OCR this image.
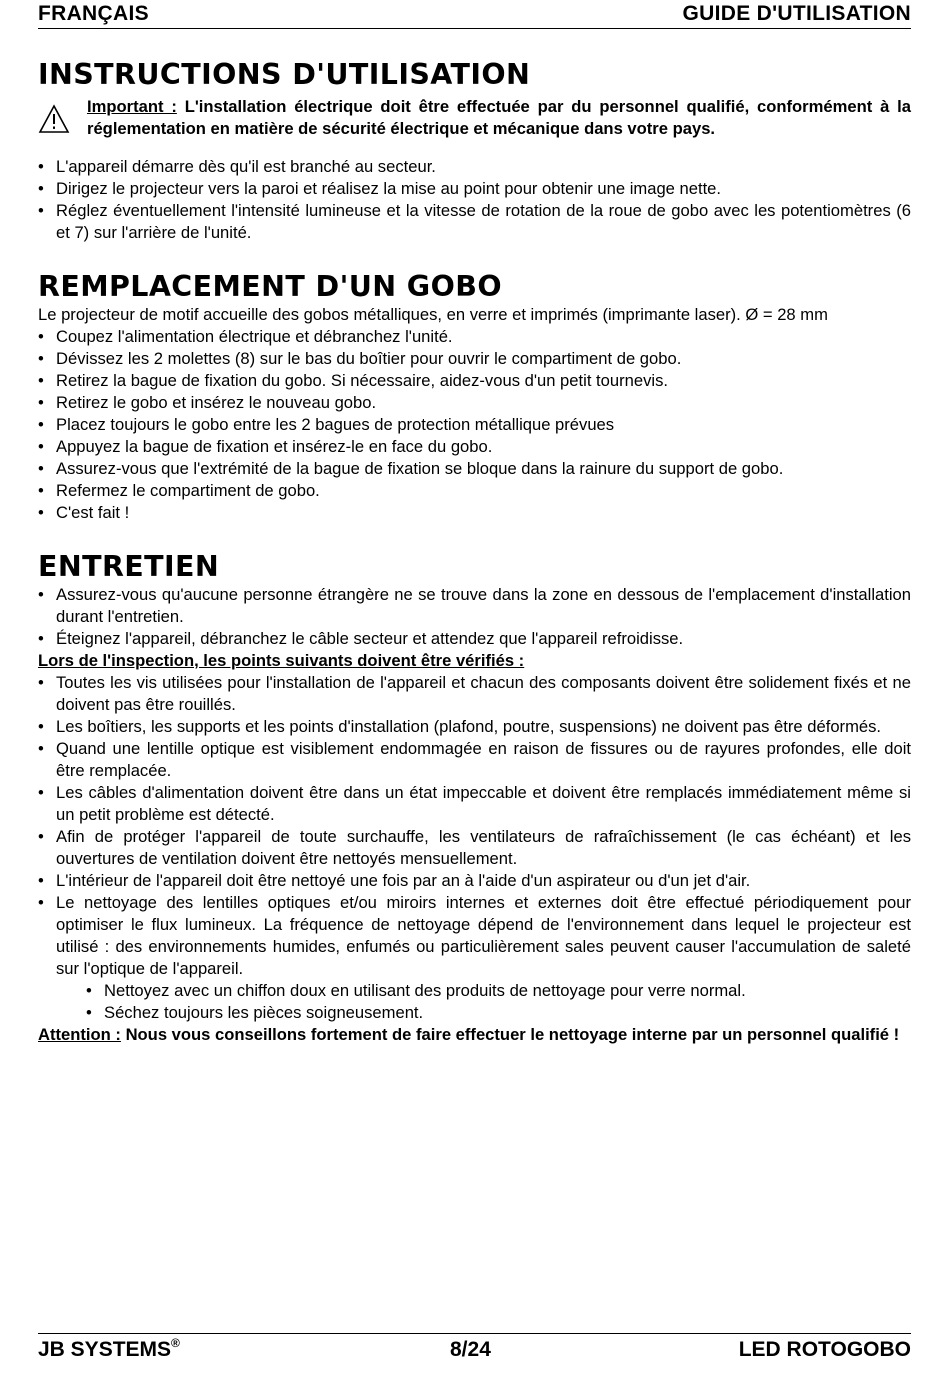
FRANÇAIS	GUIDE D'UTILISATION
INSTRUCTIONS D'UTILISATION
Important : L'installation électrique doit être effectuée par du personnel qualifié, conformément à la réglementation en matière de sécurité électrique et mécanique dans votre pays.
• L'appareil démarre dès qu'il est branché au secteur.
• Dirigez le projecteur vers la paroi et réalisez la mise au point pour obtenir une image nette.
• Réglez éventuellement l'intensité lumineuse et la vitesse de rotation de la roue de gobo avec les potentiomètres (6 et 7) sur l'arrière de l'unité.
REMPLACEMENT D'UN GOBO

Le projecteur de motif accueille des gobos métalliques, en verre et imprimés (imprimante laser). Ø = 28 mm

• Coupez l'alimentation électrique et débranchez l'unité.
• Dévissez les 2 molettes (8) sur le bas du boîtier pour ouvrir le compartiment de gobo.
• Retirez la bague de fixation du gobo. Si nécessaire, aidez-vous d'un petit tournevis.
• Retirez le gobo et insérez le nouveau gobo.
• Placez toujours le gobo entre les 2 bagues de protection métallique prévues
• Appuyez la bague de fixation et insérez-le en face du gobo.
• Assurez-vous que l'extrémité de la bague de fixation se bloque dans la rainure du support de gobo.
• Refermez le compartiment de gobo.
• C'est fait !
ENTRETIEN
• Assurez-vous qu'aucune personne étrangère ne se trouve dans la zone en dessous de l'emplacement d'installation durant l'entretien.
• Éteignez l'appareil, débranchez le câble secteur et attendez que l'appareil refroidisse.

Lors de l'inspection, les points suivants doivent être vérifiés :

• Toutes les vis utilisées pour l'installation de l'appareil et chacun des composants doivent être solidement fixés et ne doivent pas être rouillés.
• Les boîtiers, les supports et les points d'installation (plafond, poutre, suspensions) ne doivent pas être déformés.
• Quand une lentille optique est visiblement endommagée en raison de fissures ou de rayures profondes, elle doit être remplacée.
• Les câbles d'alimentation doivent être dans un état impeccable et doivent être remplacés immédiatement même si un petit problème est détecté.
• Afin de protéger l'appareil de toute surchauffe, les ventilateurs de rafraîchissement (le cas échéant) et les ouvertures de ventilation doivent être nettoyés mensuellement.
• L'intérieur de l'appareil doit être nettoyé une fois par an à l'aide d'un aspirateur ou d'un jet d'air.
• Le nettoyage des lentilles optiques et/ou miroirs internes et externes doit être effectué périodiquement pour optimiser le flux lumineux. La fréquence de nettoyage dépend de l'environnement dans lequel le projecteur est utilisé : des environnements humides, enfumés ou particulièrement sales peuvent causer l'accumulation de saleté sur l'optique de l'appareil.
• Nettoyez avec un chiffon doux en utilisant des produits de nettoyage pour verre normal.
• Séchez toujours les pièces soigneusement.

Attention : Nous vous conseillons fortement de faire effectuer le nettoyage interne par un personnel qualifié !

JB SYSTEMS®	8/24	LED ROTOGOBO
